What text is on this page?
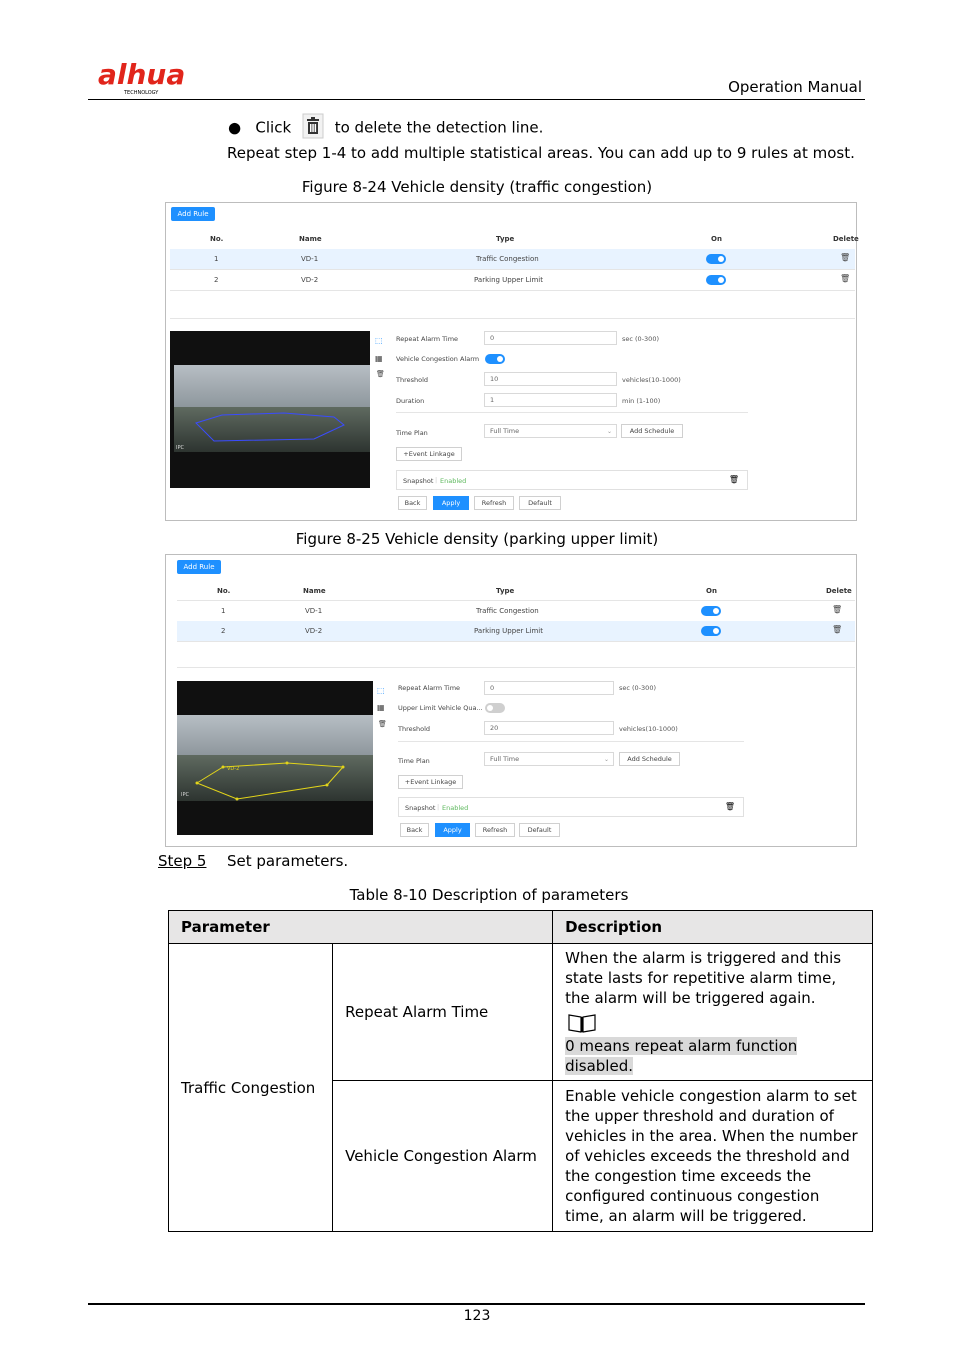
alhua
TECHNOLOGY	Operation Manual
● Click	to delete the detection line.
Repeat step 1-4 to add multiple statistical areas. You can add up to 9 rules at most.
Figure 8-24 Vehicle density (traffic congestion)
Add Rule
No.	Name	Type	On	Delete
1	VD-1	Traffic Congestion	🗑
2	VD-2	Parking Upper Limit	🗑
IPC
⬚
▦
🗑
Repeat Alarm Time	0	sec (0-300)
Vehicle Congestion Alarm
Threshold	10	vehicles(10-1000)
Duration	1	min (1-100)
Time Plan	Full Time	⌄	Add Schedule
+Event Linkage
Snapshot | Enabled	🗑
Back	Apply	Refresh	Default
Figure 8-25 Vehicle density (parking upper limit)
Add Rule
No.	Name	Type	On	Delete
1	VD-1	Traffic Congestion	🗑
2	VD-2	Parking Upper Limit	🗑
VD-2
IPC
⬚
▦
🗑
Repeat Alarm Time	0	sec (0-300)
Upper Limit Vehicle Qua...
Threshold	20	vehicles(10-1000)
Time Plan	Full Time	⌄	Add Schedule
+Event Linkage
Snapshot | Enabled	🗑
Back	Apply	Refresh	Default
Step 5 Set parameters.
Table 8-10 Description of parameters
Parameter		Description
Traffic Congestion	Repeat Alarm Time	When the alarm is triggered and this state lasts for repetitive alarm time, the alarm will be triggered again.
0 means repeat alarm function disabled.

	Vehicle Congestion Alarm	Enable vehicle congestion alarm to set the upper threshold and duration of vehicles in the area. When the number of vehicles exceeds the threshold and the congestion time exceeds the configured continuous congestion time, an alarm will be triggered.
123
